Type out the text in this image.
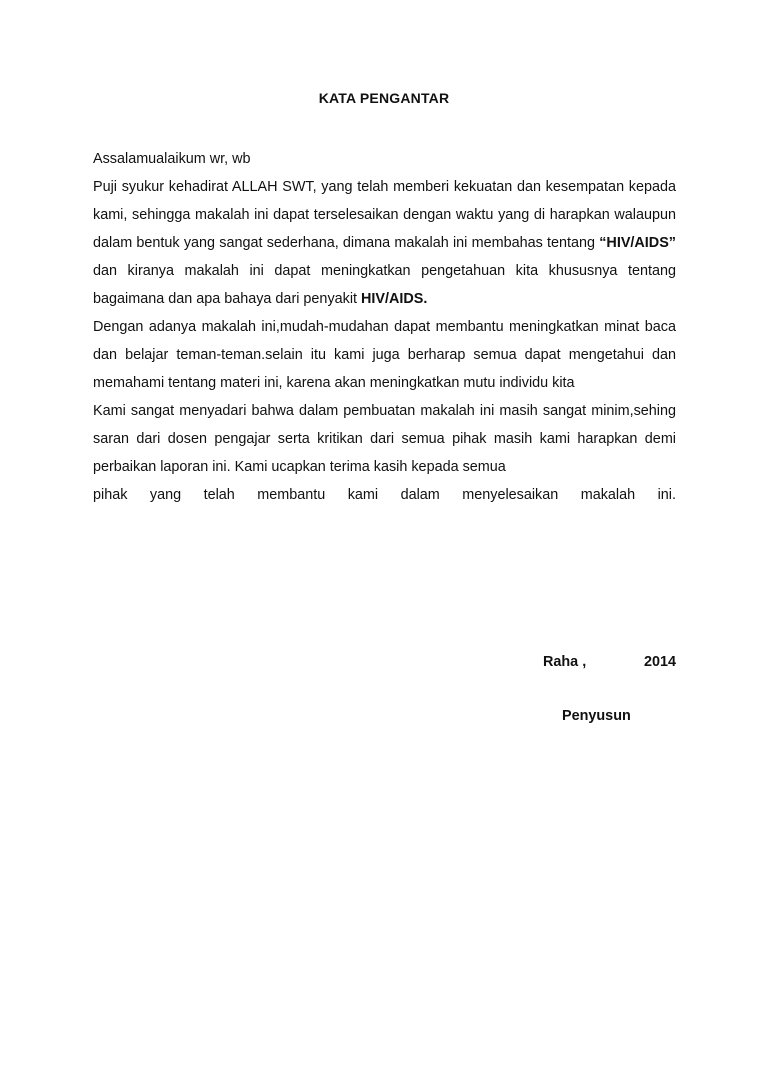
KATA PENGANTAR

Assalamualaikum wr, wb

Puji syukur kehadirat ALLAH SWT, yang telah memberi kekuatan dan kesempatan kepada kami, sehingga makalah ini dapat terselesaikan dengan waktu yang di harapkan walaupun dalam bentuk yang sangat sederhana, dimana makalah ini membahas tentang “HIV/AIDS” dan kiranya makalah ini dapat meningkatkan pengetahuan kita khususnya tentang bagaimana dan apa bahaya dari penyakit HIV/AIDS.

Dengan adanya makalah ini,mudah-mudahan dapat membantu meningkatkan minat baca dan belajar teman-teman.selain itu kami juga berharap semua dapat mengetahui dan memahami tentang materi ini, karena akan meningkatkan mutu individu kita

Kami sangat menyadari bahwa dalam pembuatan makalah ini masih sangat minim,sehing saran dari dosen pengajar serta kritikan dari semua pihak masih kami harapkan demi perbaikan laporan ini. Kami ucapkan terima kasih kepada semua

pihak yang telah membantu kami dalam menyelesaikan makalah ini.

Raha ,	2014
Penyusun
